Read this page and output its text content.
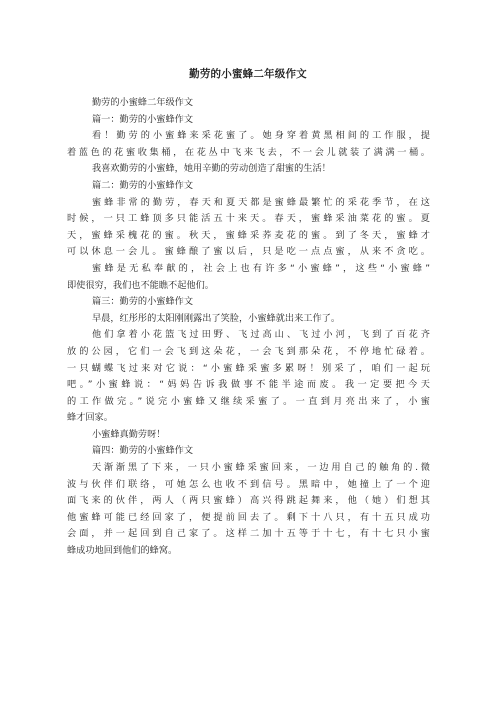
勤劳的小蜜蜂二年级作文
勤劳的小蜜蜂二年级作文
篇一：勤劳的小蜜蜂作文
看！勤劳的小蜜蜂来采花蜜了。她身穿着黄黑相间的工作服，提
着蓝色的花蜜收集桶，在花丛中飞来飞去，不一会儿就装了满满一桶。
我喜欢勤劳的小蜜蜂，她用辛勤的劳动创造了甜蜜的生活！
篇二：勤劳的小蜜蜂作文
蜜蜂非常的勤劳，春天和夏天都是蜜蜂最繁忙的采花季节，在这
时候，一只工蜂顶多只能活五十来天。春天，蜜蜂采油菜花的蜜。夏
天，蜜蜂采槐花的蜜。秋天，蜜蜂采荞麦花的蜜。到了冬天，蜜蜂才
可以休息一会儿。蜜蜂酿了蜜以后，只是吃一点点蜜，从来不贪吃。
蜜蜂是无私奉献的，社会上也有许多“小蜜蜂”，这些“小蜜蜂”
即使很穷，我们也不能瞧不起他们。
篇三：勤劳的小蜜蜂作文
早晨，红彤彤的太阳刚刚露出了笑脸，小蜜蜂就出来工作了。
他们拿着小花篮飞过田野、飞过高山、飞过小河，飞到了百花齐
放的公园，它们一会飞到这朵花，一会飞到那朵花，不停地忙碌着。
一只蝴蝶飞过来对它说：“小蜜蜂采蜜多累呀！别采了，咱们一起玩
吧。”小蜜蜂说：“妈妈告诉我做事不能半途而废。我一定要把今天
的工作做完。”说完小蜜蜂又继续采蜜了。一直到月亮出来了，小蜜
蜂才回家。
小蜜蜂真勤劳呀！
篇四：勤劳的小蜜蜂作文
天渐渐黑了下来，一只小蜜蜂采蜜回来，一边用自己的触角的.微
波与伙伴们联络，可她怎么也收不到信号。黑暗中，她撞上了一个迎
面飞来的伙伴，两人（两只蜜蜂）高兴得跳起舞来，他（她）们想其
他蜜蜂可能已经回家了，便提前回去了。剩下十八只，有十五只成功
会面，并一起回到自己家了。这样二加十五等于十七，有十七只小蜜
蜂成功地回到他们的蜂窝。
